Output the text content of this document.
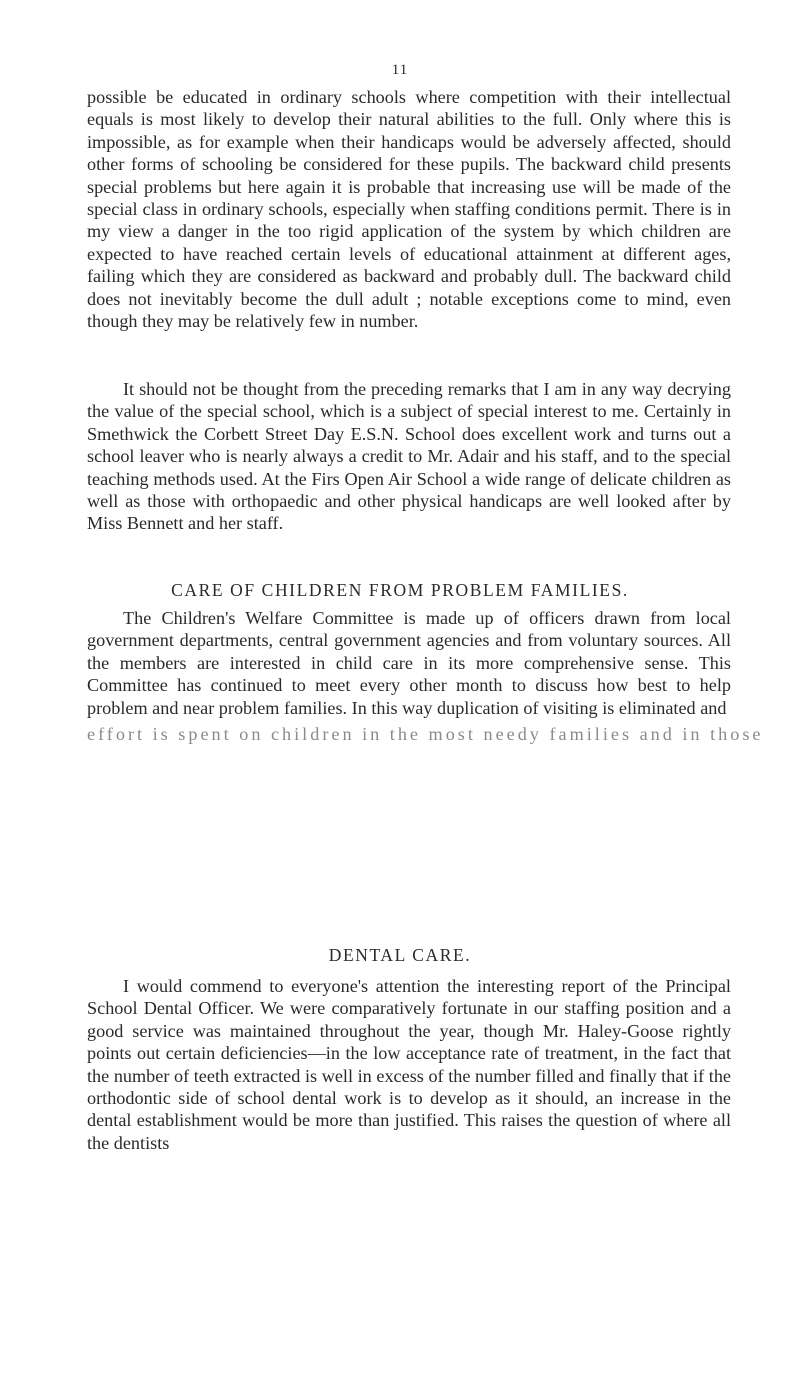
11

possible be educated in ordinary schools where competition with their intellectual equals is most likely to develop their natural abilities to the full. Only where this is impossible, as for example when their handicaps would be adversely affected, should other forms of schooling be considered for these pupils. The backward child presents special problems but here again it is probable that increasing use will be made of the special class in ordinary schools, especially when staffing conditions permit. There is in my view a danger in the too rigid application of the system by which children are expected to have reached certain levels of educational attainment at different ages, failing which they are considered as backward and probably dull. The backward child does not inevitably become the dull adult ; notable exceptions come to mind, even though they may be relatively few in number.

It should not be thought from the preceding remarks that I am in any way decrying the value of the special school, which is a subject of special interest to me. Certainly in Smethwick the Corbett Street Day E.S.N. School does excellent work and turns out a school leaver who is nearly always a credit to Mr. Adair and his staff, and to the special teaching methods used. At the Firs Open Air School a wide range of delicate children as well as those with orthopaedic and other physical handicaps are well looked after by Miss Bennett and her staff.

CARE OF CHILDREN FROM PROBLEM FAMILIES.

The Children's Welfare Committee is made up of officers drawn from local government departments, central government agencies and from voluntary sources. All the members are interested in child care in its more comprehensive sense. This Committee has continued to meet every other month to discuss how best to help problem and near problem families. In this way duplication of visiting is eliminated and

effort is spent on children in the most needy families and in those
DENTAL CARE.

I would commend to everyone's attention the interesting report of the Principal School Dental Officer. We were comparatively fortunate in our staffing position and a good service was maintained throughout the year, though Mr. Haley-Goose rightly points out certain deficiencies—in the low acceptance rate of treatment, in the fact that the number of teeth extracted is well in excess of the number filled and finally that if the orthodontic side of school dental work is to develop as it should, an increase in the dental establishment would be more than justified. This raises the question of where all the dentists
